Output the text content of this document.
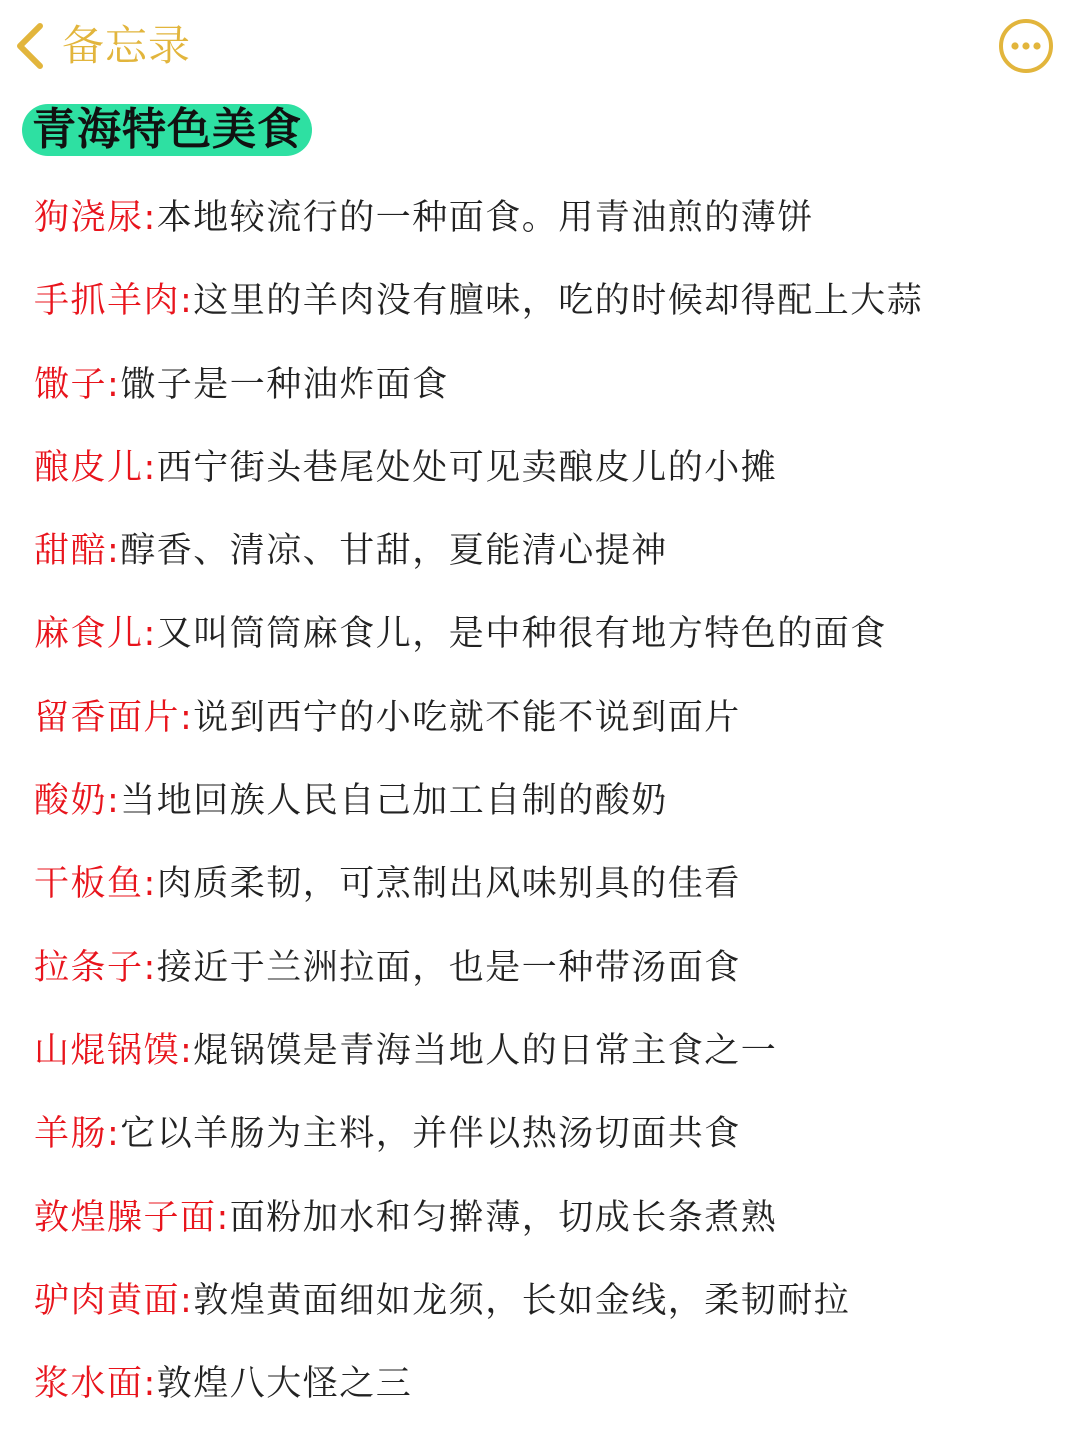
备忘录
青海特色美食
狗浇尿:本地较流行的一种面食。用青油煎的薄饼
手抓羊肉:这里的羊肉没有膻味，吃的时候却得配上大蒜
馓子:馓子是一种油炸面食
酿皮儿:西宁街头巷尾处处可见卖酿皮儿的小摊
甜醅:醇香、清凉、甘甜，夏能清心提神
麻食儿:又叫筒筒麻食儿，是中种很有地方特色的面食
留香面片:说到西宁的小吃就不能不说到面片
酸奶:当地回族人民自己加工自制的酸奶
干板鱼:肉质柔韧，可烹制出风味别具的佳看
拉条子:接近于兰洲拉面，也是一种带汤面食
山焜锅馍:焜锅馍是青海当地人的日常主食之一
羊肠:它以羊肠为主料，并伴以热汤切面共食
敦煌臊子面:面粉加水和匀擀薄，切成长条煮熟
驴肉黄面:敦煌黄面细如龙须，长如金线，柔韧耐拉
浆水面:敦煌八大怪之三
